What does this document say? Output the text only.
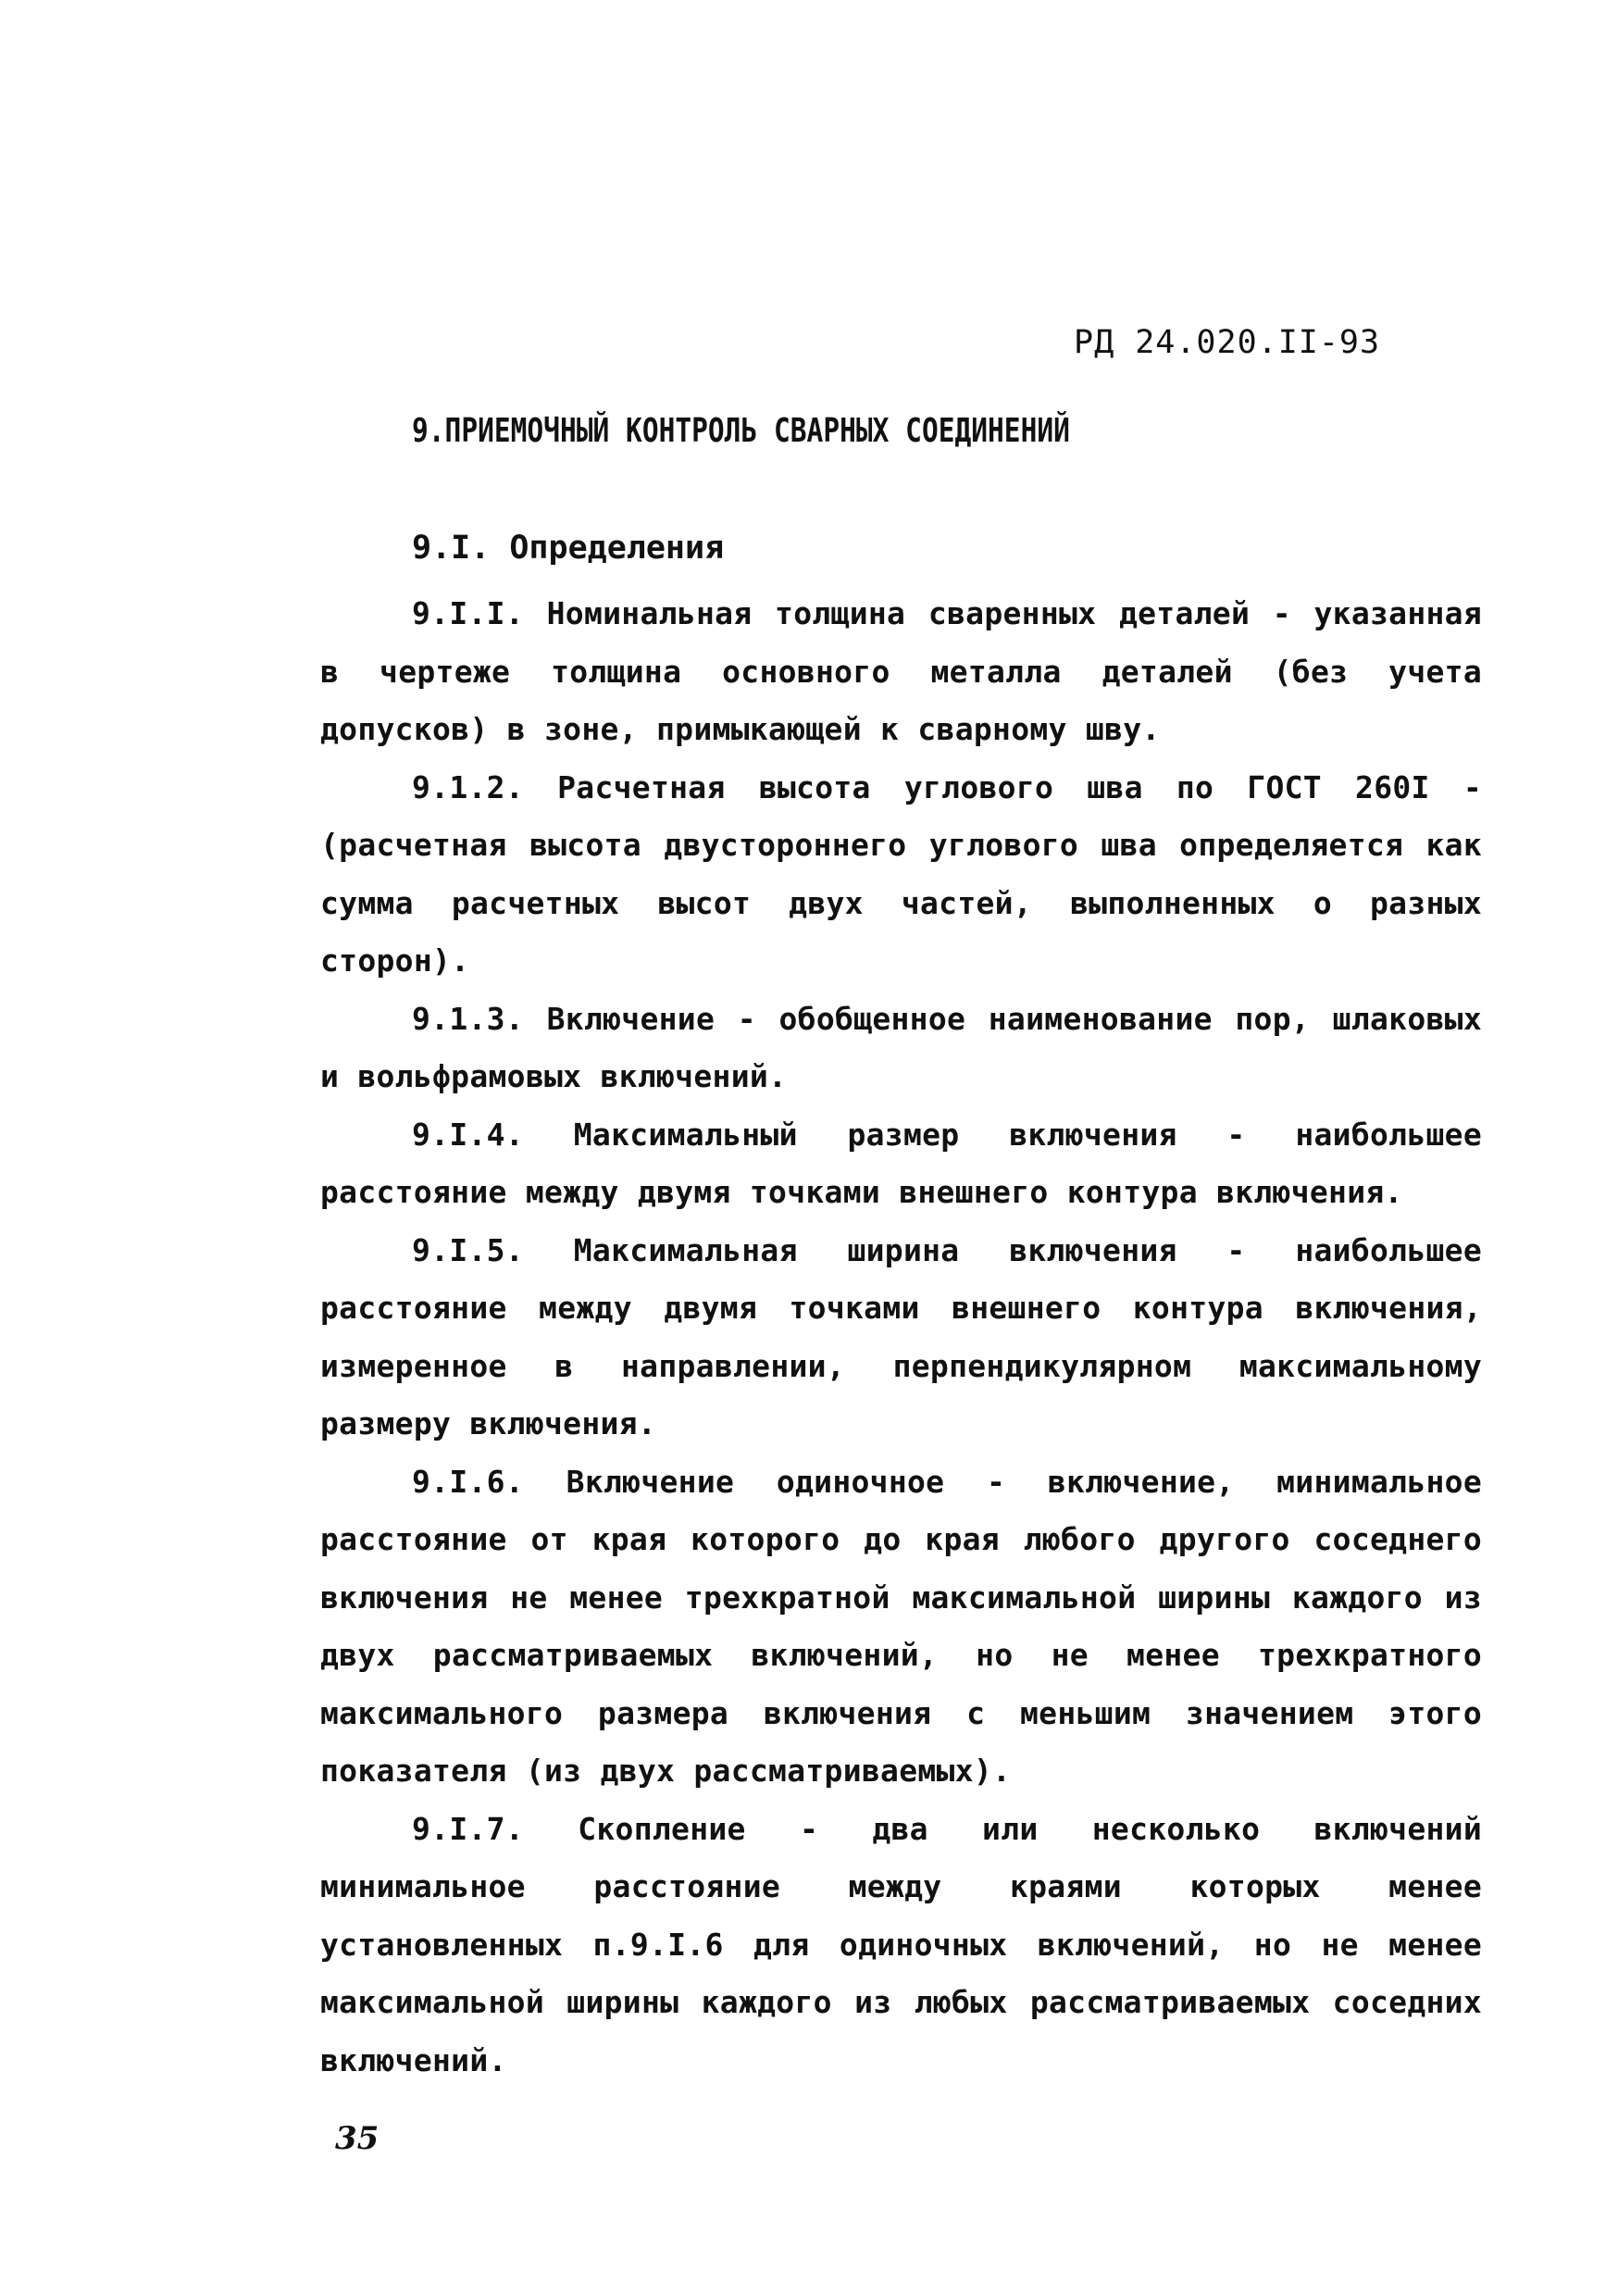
РД 24.020.II-93
9.ПРИЕМОЧНЫЙ КОНТРОЛЬ СВАРНЫХ СОЕДИНЕНИЙ
9.I. Определения

9.I.I. Номинальная толщина сваренных деталей - указанная в чертеже толщина основного металла деталей (без учета допусков) в зоне, примыкающей к сварному шву.

9.1.2. Расчетная высота углового шва по ГОСТ 260I - (расчетная высота двустороннего углового шва определяется как сумма расчетных высот двух частей, выполненных о разных сторон).

9.1.3. Включение - обобщенное наименование пор, шлаковых и вольфрамовых включений.

9.I.4. Максимальный размер включения - наибольшее расстояние между двумя точками внешнего контура включения.

9.I.5. Максимальная ширина включения - наибольшее расстояние между двумя точками внешнего контура включения, измеренное в направлении, перпендикулярном максимальному размеру включения.

9.I.6. Включение одиночное - включение, минимальное расстояние от края которого до края любого другого соседнего включения не менее трехкратной максимальной ширины каждого из двух рассматриваемых включений, но не менее трехкратного максимального размера включения с меньшим значением этого показателя (из двух рассматриваемых).

9.I.7. Скопление - два или несколько включений минимальное расстояние между краями которых менее установленных п.9.I.6 для одиночных включений, но не менее максимальной ширины каждого из любых рассматриваемых соседних включений.

35
